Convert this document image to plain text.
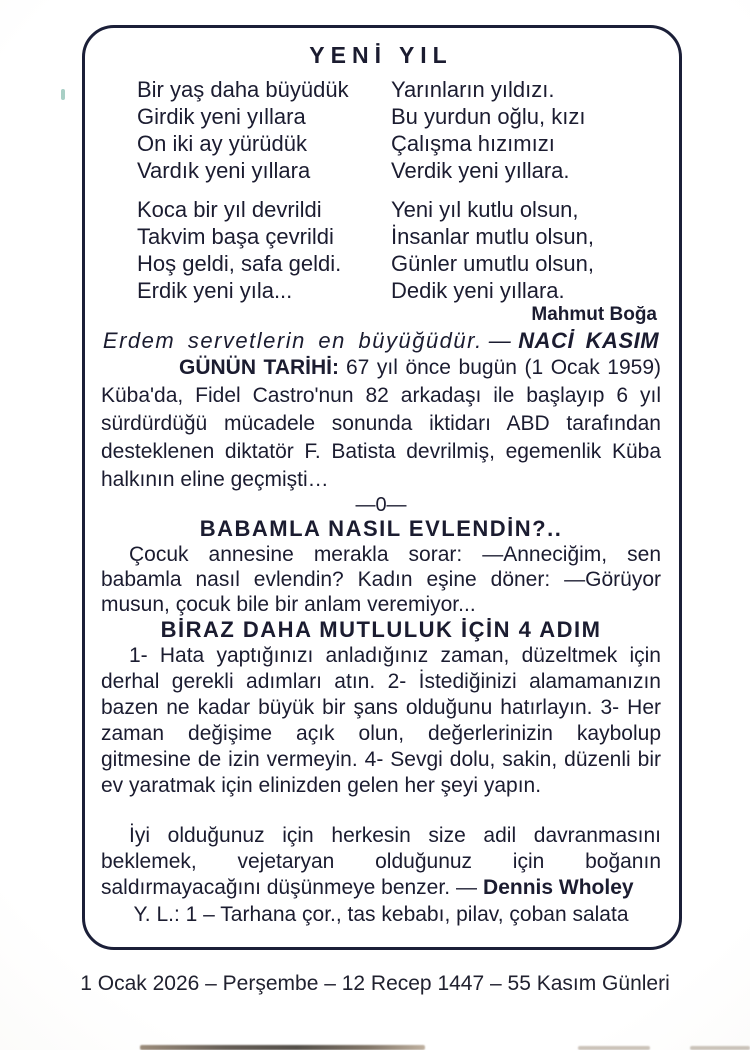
YENİ YIL
Bir yaş daha büyüdük
Girdik yeni yıllara
On iki ay yürüdük
Vardık yeni yıllara
Koca bir yıl devrildi
Takvim başa çevrildi
Hoş geldi, safa geldi.
Erdik yeni yıla...
Yarınların yıldızı.
Bu yurdun oğlu, kızı
Çalışma hızımızı
Verdik yeni yıllara.
Yeni yıl kutlu olsun,
İnsanlar mutlu olsun,
Günler umutlu olsun,
Dedik yeni yıllara.
Mahmut Boğa
Erdem servetlerin en büyüğüdür. — NACİ KASIM

GÜNÜN TARİHİ: 67 yıl önce bugün (1 Ocak 1959) Küba'da, Fidel Castro'nun 82 arkadaşı ile başlayıp 6 yıl sürdürdüğü mücadele sonunda iktidarı ABD tarafından desteklenen diktatör F. Batista devrilmiş, egemenlik Küba halkının eline geçmişti…

—0—
BABAMLA NASIL EVLENDİN?..

Çocuk annesine merakla sorar: —Anneciğim, sen babamla nasıl evlendin? Kadın eşine döner: —Görüyor musun, çocuk bile bir anlam veremiyor...

BİRAZ DAHA MUTLULUK İÇİN 4 ADIM

1- Hata yaptığınızı anladığınız zaman, düzeltmek için derhal gerekli adımları atın. 2- İstediğinizi alamamanızın bazen ne kadar büyük bir şans olduğunu hatırlayın. 3- Her zaman değişime açık olun, değerlerinizin kaybolup gitmesine de izin vermeyin. 4- Sevgi dolu, sakin, düzenli bir ev yaratmak için elinizden gelen her şeyi yapın.

İyi olduğunuz için herkesin size adil davranmasını beklemek, vejetaryan olduğunuz için boğanın saldırmayacağını düşünmeye benzer. — Dennis Wholey

Y. L.: 1 – Tarhana çor., tas kebabı, pilav, çoban salata
1 Ocak 2026 – Perşembe – 12 Recep 1447 – 55 Kasım Günleri
